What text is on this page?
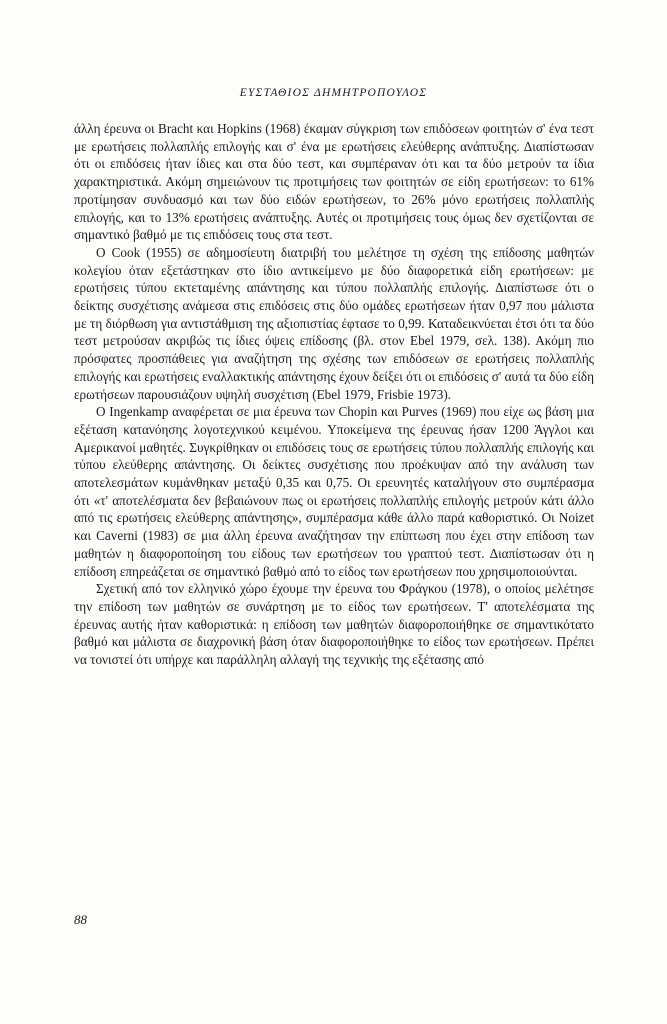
ΕΥΣΤΑΘΙΟΣ ΔΗΜΗΤΡΟΠΟΥΛΟΣ

άλλη έρευνα οι Bracht και Hopkins (1968) έκαμαν σύγκριση των επιδόσεων φοιτητών σ' ένα τεστ με ερωτήσεις πολλαπλής επιλογής και σ' ένα με ερωτήσεις ελεύθερης ανάπτυξης. Διαπίστωσαν ότι οι επιδόσεις ήταν ίδιες και στα δύο τεστ, και συμπέραναν ότι και τα δύο μετρούν τα ίδια χαρακτηριστικά. Ακόμη σημειώνουν τις προτιμήσεις των φοιτητών σε είδη ερωτήσεων: το 61% προτίμησαν συνδυασμό και των δύο ειδών ερωτήσεων, το 26% μόνο ερωτήσεις πολλαπλής επιλογής, και το 13% ερωτήσεις ανάπτυξης. Αυτές οι προτιμήσεις τους όμως δεν σχετίζονται σε σημαντικό βαθμό με τις επιδόσεις τους στα τεστ.

Ο Cook (1955) σε αδημοσίευτη διατριβή του μελέτησε τη σχέση της επίδοσης μαθητών κολεγίου όταν εξετάστηκαν στο ίδιο αντικείμενο με δύο διαφορετικά είδη ερωτήσεων: με ερωτήσεις τύπου εκτεταμένης απάντησης και τύπου πολλαπλής επιλογής. Διαπίστωσε ότι ο δείκτης συσχέτισης ανάμεσα στις επιδόσεις στις δύο ομάδες ερωτήσεων ήταν 0,97 που μάλιστα με τη διόρθωση για αντιστάθμιση της αξιοπιστίας έφτασε το 0,99. Καταδεικνύεται έτσι ότι τα δύο τεστ μετρούσαν ακριβώς τις ίδιες όψεις επίδοσης (βλ. στον Ebel 1979, σελ. 138). Ακόμη πιο πρόσφατες προσπάθειες για αναζήτηση της σχέσης των επιδόσεων σε ερωτήσεις πολλαπλής επιλογής και ερωτήσεις εναλλακτικής απάντησης έχουν δείξει ότι οι επιδόσεις σ' αυτά τα δύο είδη ερωτήσεων παρουσιάζουν υψηλή συσχέτιση (Ebel 1979, Frisbie 1973).

Ο Ingenkamp αναφέρεται σε μια έρευνα των Chopin και Purves (1969) που είχε ως βάση μια εξέταση κατανόησης λογοτεχνικού κειμένου. Υποκείμενα της έρευνας ήσαν 1200 Άγγλοι και Αμερικανοί μαθητές. Συγκρίθηκαν οι επιδόσεις τους σε ερωτήσεις τύπου πολλαπλής επιλογής και τύπου ελεύθερης απάντησης. Οι δείκτες συσχέτισης που προέκυψαν από την ανάλυση των αποτελεσμάτων κυμάνθηκαν μεταξύ 0,35 και 0,75. Οι ερευνητές καταλήγουν στο συμπέρασμα ότι «τ' αποτελέσματα δεν βεβαιώνουν πως οι ερωτήσεις πολλαπλής επιλογής μετρούν κάτι άλλο από τις ερωτήσεις ελεύθερης απάντησης», συμπέρασμα κάθε άλλο παρά καθοριστικό. Οι Noizet και Caverni (1983) σε μια άλλη έρευνα αναζήτησαν την επίπτωση που έχει στην επίδοση των μαθητών η διαφοροποίηση του είδους των ερωτήσεων του γραπτού τεστ. Διαπίστωσαν ότι η επίδοση επηρεάζεται σε σημαντικό βαθμό από το είδος των ερωτήσεων που χρησιμοποιούνται.

Σχετική από τον ελληνικό χώρο έχουμε την έρευνα του Φράγκου (1978), ο οποίος μελέτησε την επίδοση των μαθητών σε συνάρτηση με το είδος των ερωτήσεων. Τ' αποτελέσματα της έρευνας αυτής ήταν καθοριστικά: η επίδοση των μαθητών διαφοροποιήθηκε σε σημαντικότατο βαθμό και μάλιστα σε διαχρονική βάση όταν διαφοροποιήθηκε το είδος των ερωτήσεων. Πρέπει να τονιστεί ότι υπήρχε και παράλληλη αλλαγή της τεχνικής της εξέτασης από

88
